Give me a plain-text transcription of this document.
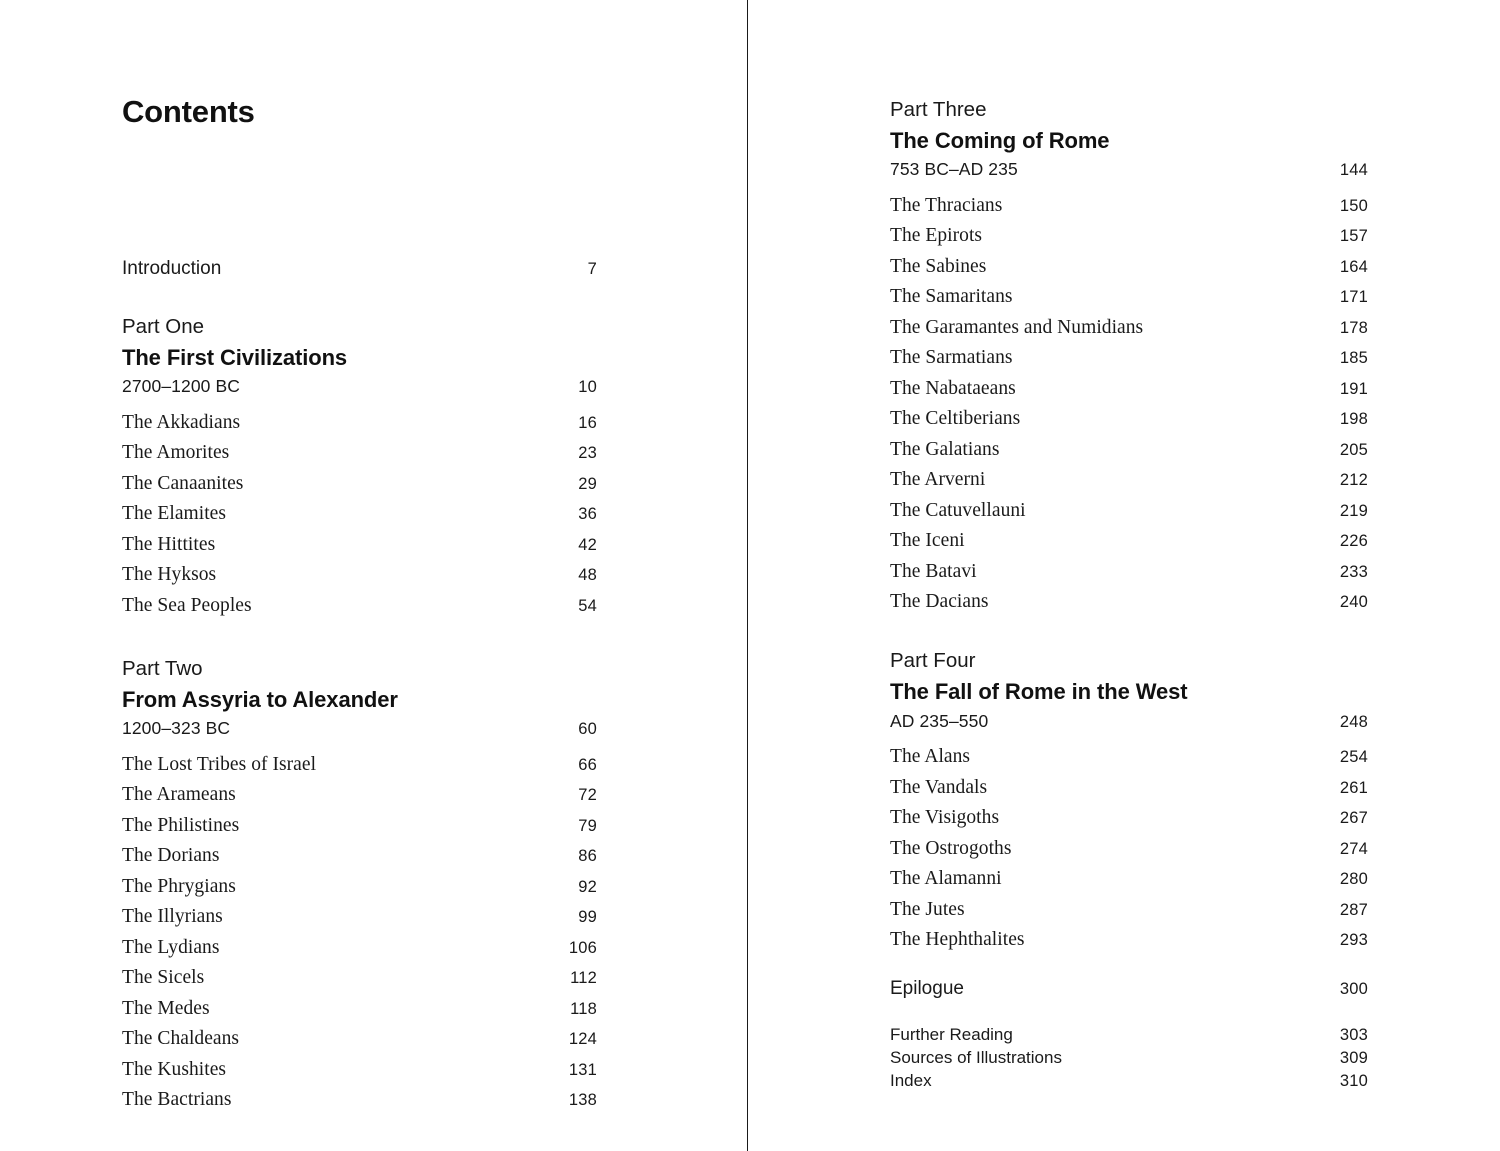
Contents
Introduction	7
Part One
The First Civilizations
2700–1200 BC	10
The Akkadians	16
The Amorites	23
The Canaanites	29
The Elamites	36
The Hittites	42
The Hyksos	48
The Sea Peoples	54
Part Two
From Assyria to Alexander
1200–323 BC	60
The Lost Tribes of Israel	66
The Arameans	72
The Philistines	79
The Dorians	86
The Phrygians	92
The Illyrians	99
The Lydians	106
The Sicels	112
The Medes	118
The Chaldeans	124
The Kushites	131
The Bactrians	138
Part Three
The Coming of Rome
753 BC–AD 235	144
The Thracians	150
The Epirots	157
The Sabines	164
The Samaritans	171
The Garamantes and Numidians	178
The Sarmatians	185
The Nabataeans	191
The Celtiberians	198
The Galatians	205
The Arverni	212
The Catuvellauni	219
The Iceni	226
The Batavi	233
The Dacians	240
Part Four
The Fall of Rome in the West
AD 235–550	248
The Alans	254
The Vandals	261
The Visigoths	267
The Ostrogoths	274
The Alamanni	280
The Jutes	287
The Hephthalites	293
Epilogue	300
Further Reading	303
Sources of Illustrations	309
Index	310
